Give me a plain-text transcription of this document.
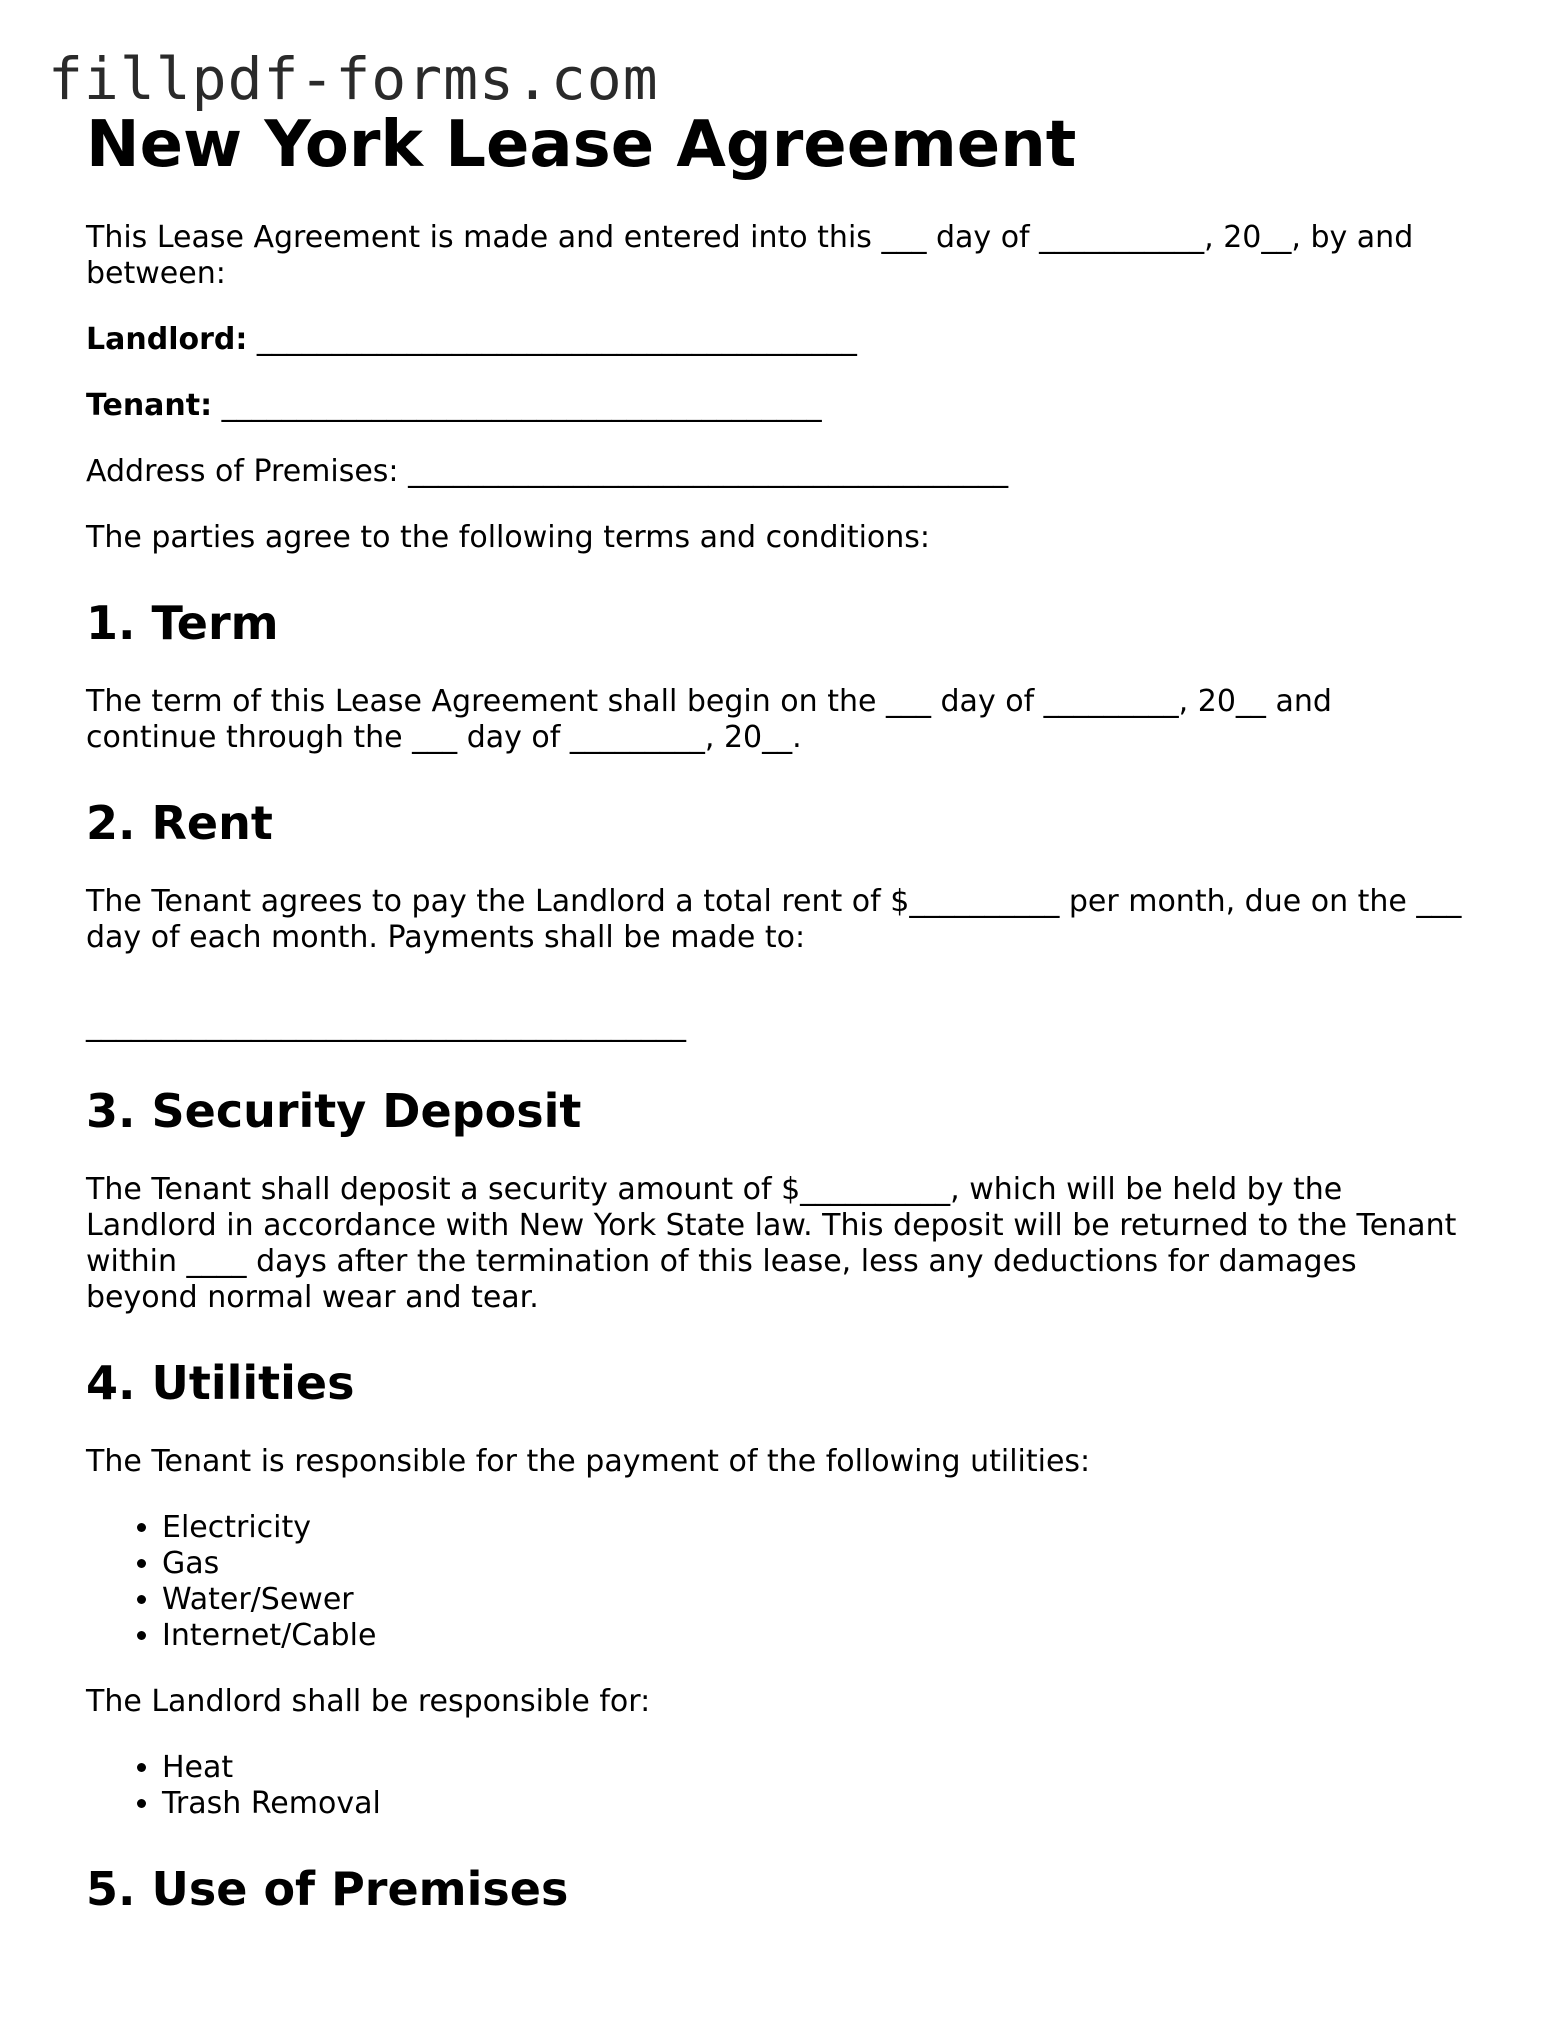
fillpdf-forms.com
New York Lease Agreement

This Lease Agreement is made and entered into this ___ day of ___________, 20__, by and between:

Landlord: ________________________________________

Tenant: ________________________________________

Address of Premises: ________________________________________

The parties agree to the following terms and conditions:

1. Term

The term of this Lease Agreement shall begin on the ___ day of _________, 20__ and continue through the ___ day of _________, 20__.

2. Rent

The Tenant agrees to pay the Landlord a total rent of $__________ per month, due on the ___ day of each month. Payments shall be made to:

________________________________________

3. Security Deposit

The Tenant shall deposit a security amount of $__________, which will be held by the Landlord in accordance with New York State law. This deposit will be returned to the Tenant within ____ days after the termination of this lease, less any deductions for damages beyond normal wear and tear.

4. Utilities

The Tenant is responsible for the payment of the following utilities:

• Electricity
• Gas
• Water/Sewer
• Internet/Cable

The Landlord shall be responsible for:

• Heat
• Trash Removal
5. Use of Premises
